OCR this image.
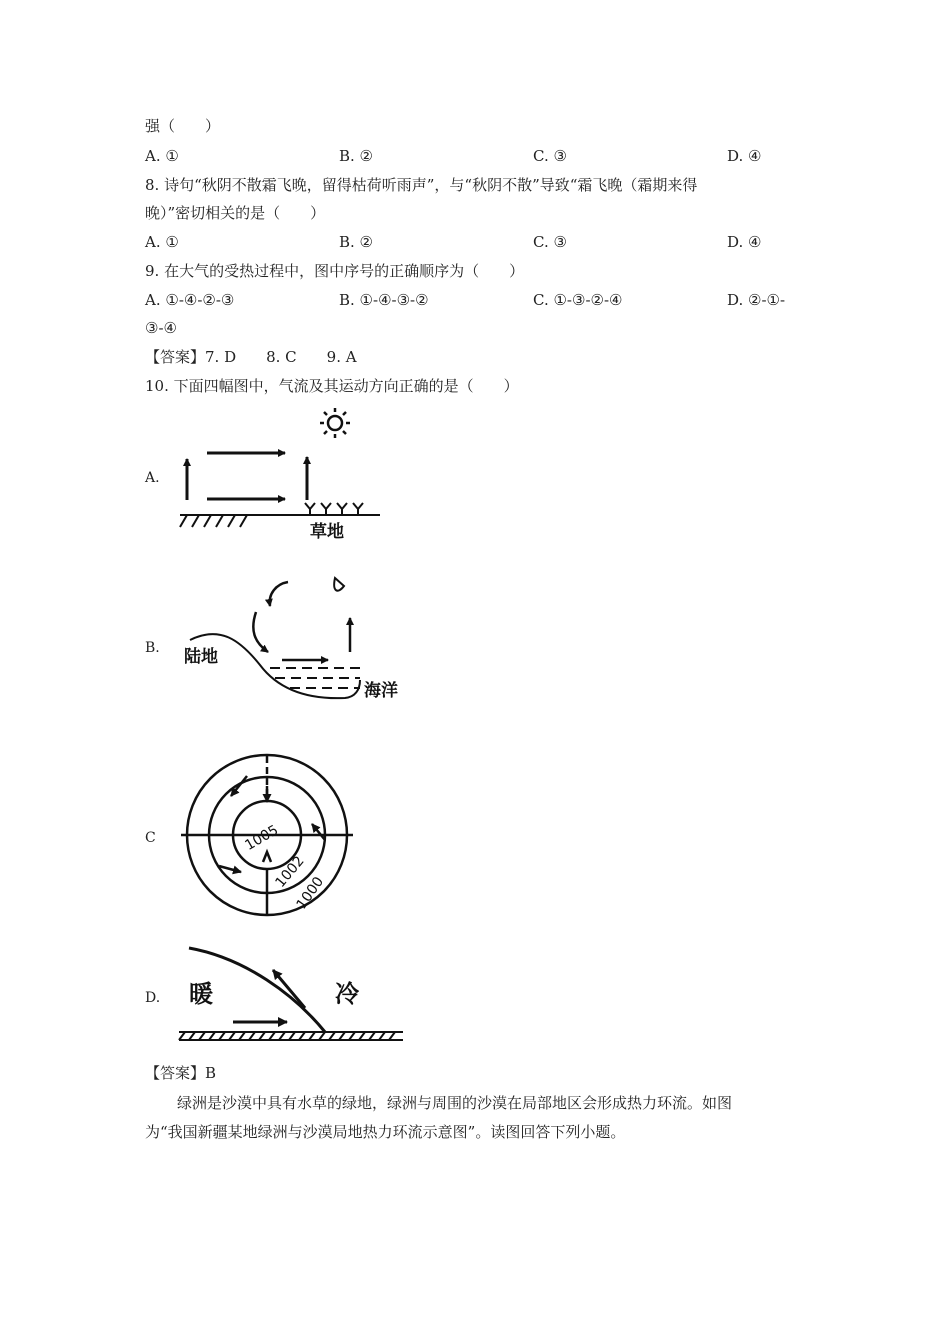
强（　　）
A. ①	B. ②	C. ③	D. ④
8. 诗句“秋阴不散霜飞晚，留得枯荷听雨声”，与“秋阴不散”导致“霜飞晚（霜期来得
晚）”密切相关的是（　　）
A. ①	B. ②	C. ③	D. ④
9. 在大气的受热过程中，图中序号的正确顺序为（　　）
A. ①-④-②-③	B. ①-④-③-②	C. ①-③-②-④	D. ②-①-
③-④
【答案】7. D　　8. C　　9. A
10. 下面四幅图中，气流及其运动方向正确的是（　　）
A.
草地
B. 陆地
海洋
C	1005
1002
1000
D. 暖	冷
【答案】B
绿洲是沙漠中具有水草的绿地，绿洲与周围的沙漠在局部地区会形成热力环流。如图
为“我国新疆某地绿洲与沙漠局地热力环流示意图”。读图回答下列小题。
